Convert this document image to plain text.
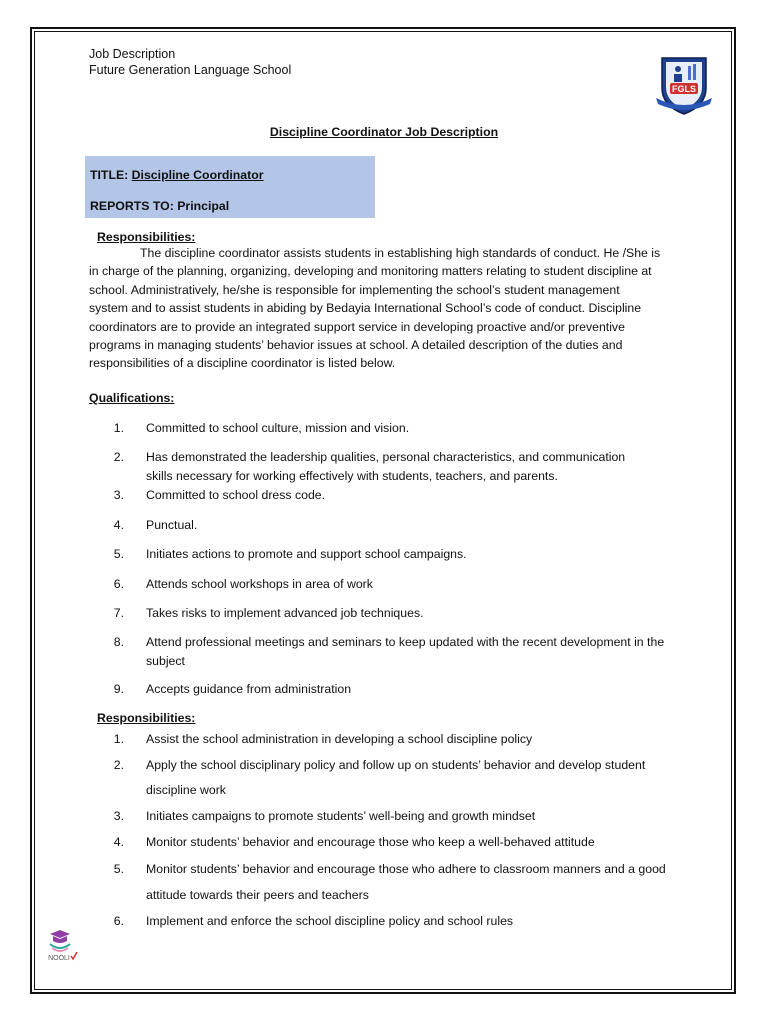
Job Description
Future Generation Language School
FGLS
Discipline Coordinator Job Description
TITLE: Discipline Coordinator
REPORTS TO: Principal
Responsibilities:
The discipline coordinator assists students in establishing high standards of conduct. He /She is
in charge of the planning, organizing, developing and monitoring matters relating to student discipline at
school. Administratively, he/she is responsible for implementing the school’s student management
system and to assist students in abiding by Bedayia International School’s code of conduct. Discipline
coordinators are to provide an integrated support service in developing proactive and/or preventive
programs in managing students’ behavior issues at school. A detailed description of the duties and
responsibilities of a discipline coordinator is listed below.
Qualifications:
1. Committed to school culture, mission and vision.
2. Has demonstrated the leadership qualities, personal characteristics, and communication
skills necessary for working effectively with students, teachers, and parents.
3. Committed to school dress code.
4. Punctual.
5. Initiates actions to promote and support school campaigns.
6. Attends school workshops in area of work
7. Takes risks to implement advanced job techniques.
8. Attend professional meetings and seminars to keep updated with the recent development in the
subject
9. Accepts guidance from administration
Responsibilities:
1. Assist the school administration in developing a school discipline policy
2. Apply the school disciplinary policy and follow up on students’ behavior and develop student
discipline work
3. Initiates campaigns to promote students’ well-being and growth mindset
4. Monitor students’ behavior and encourage those who keep a well-behaved attitude
5. Monitor students’ behavior and encourage those who adhere to classroom manners and a good
attitude towards their peers and teachers
6. Implement and enforce the school discipline policy and school rules
NOOLI
